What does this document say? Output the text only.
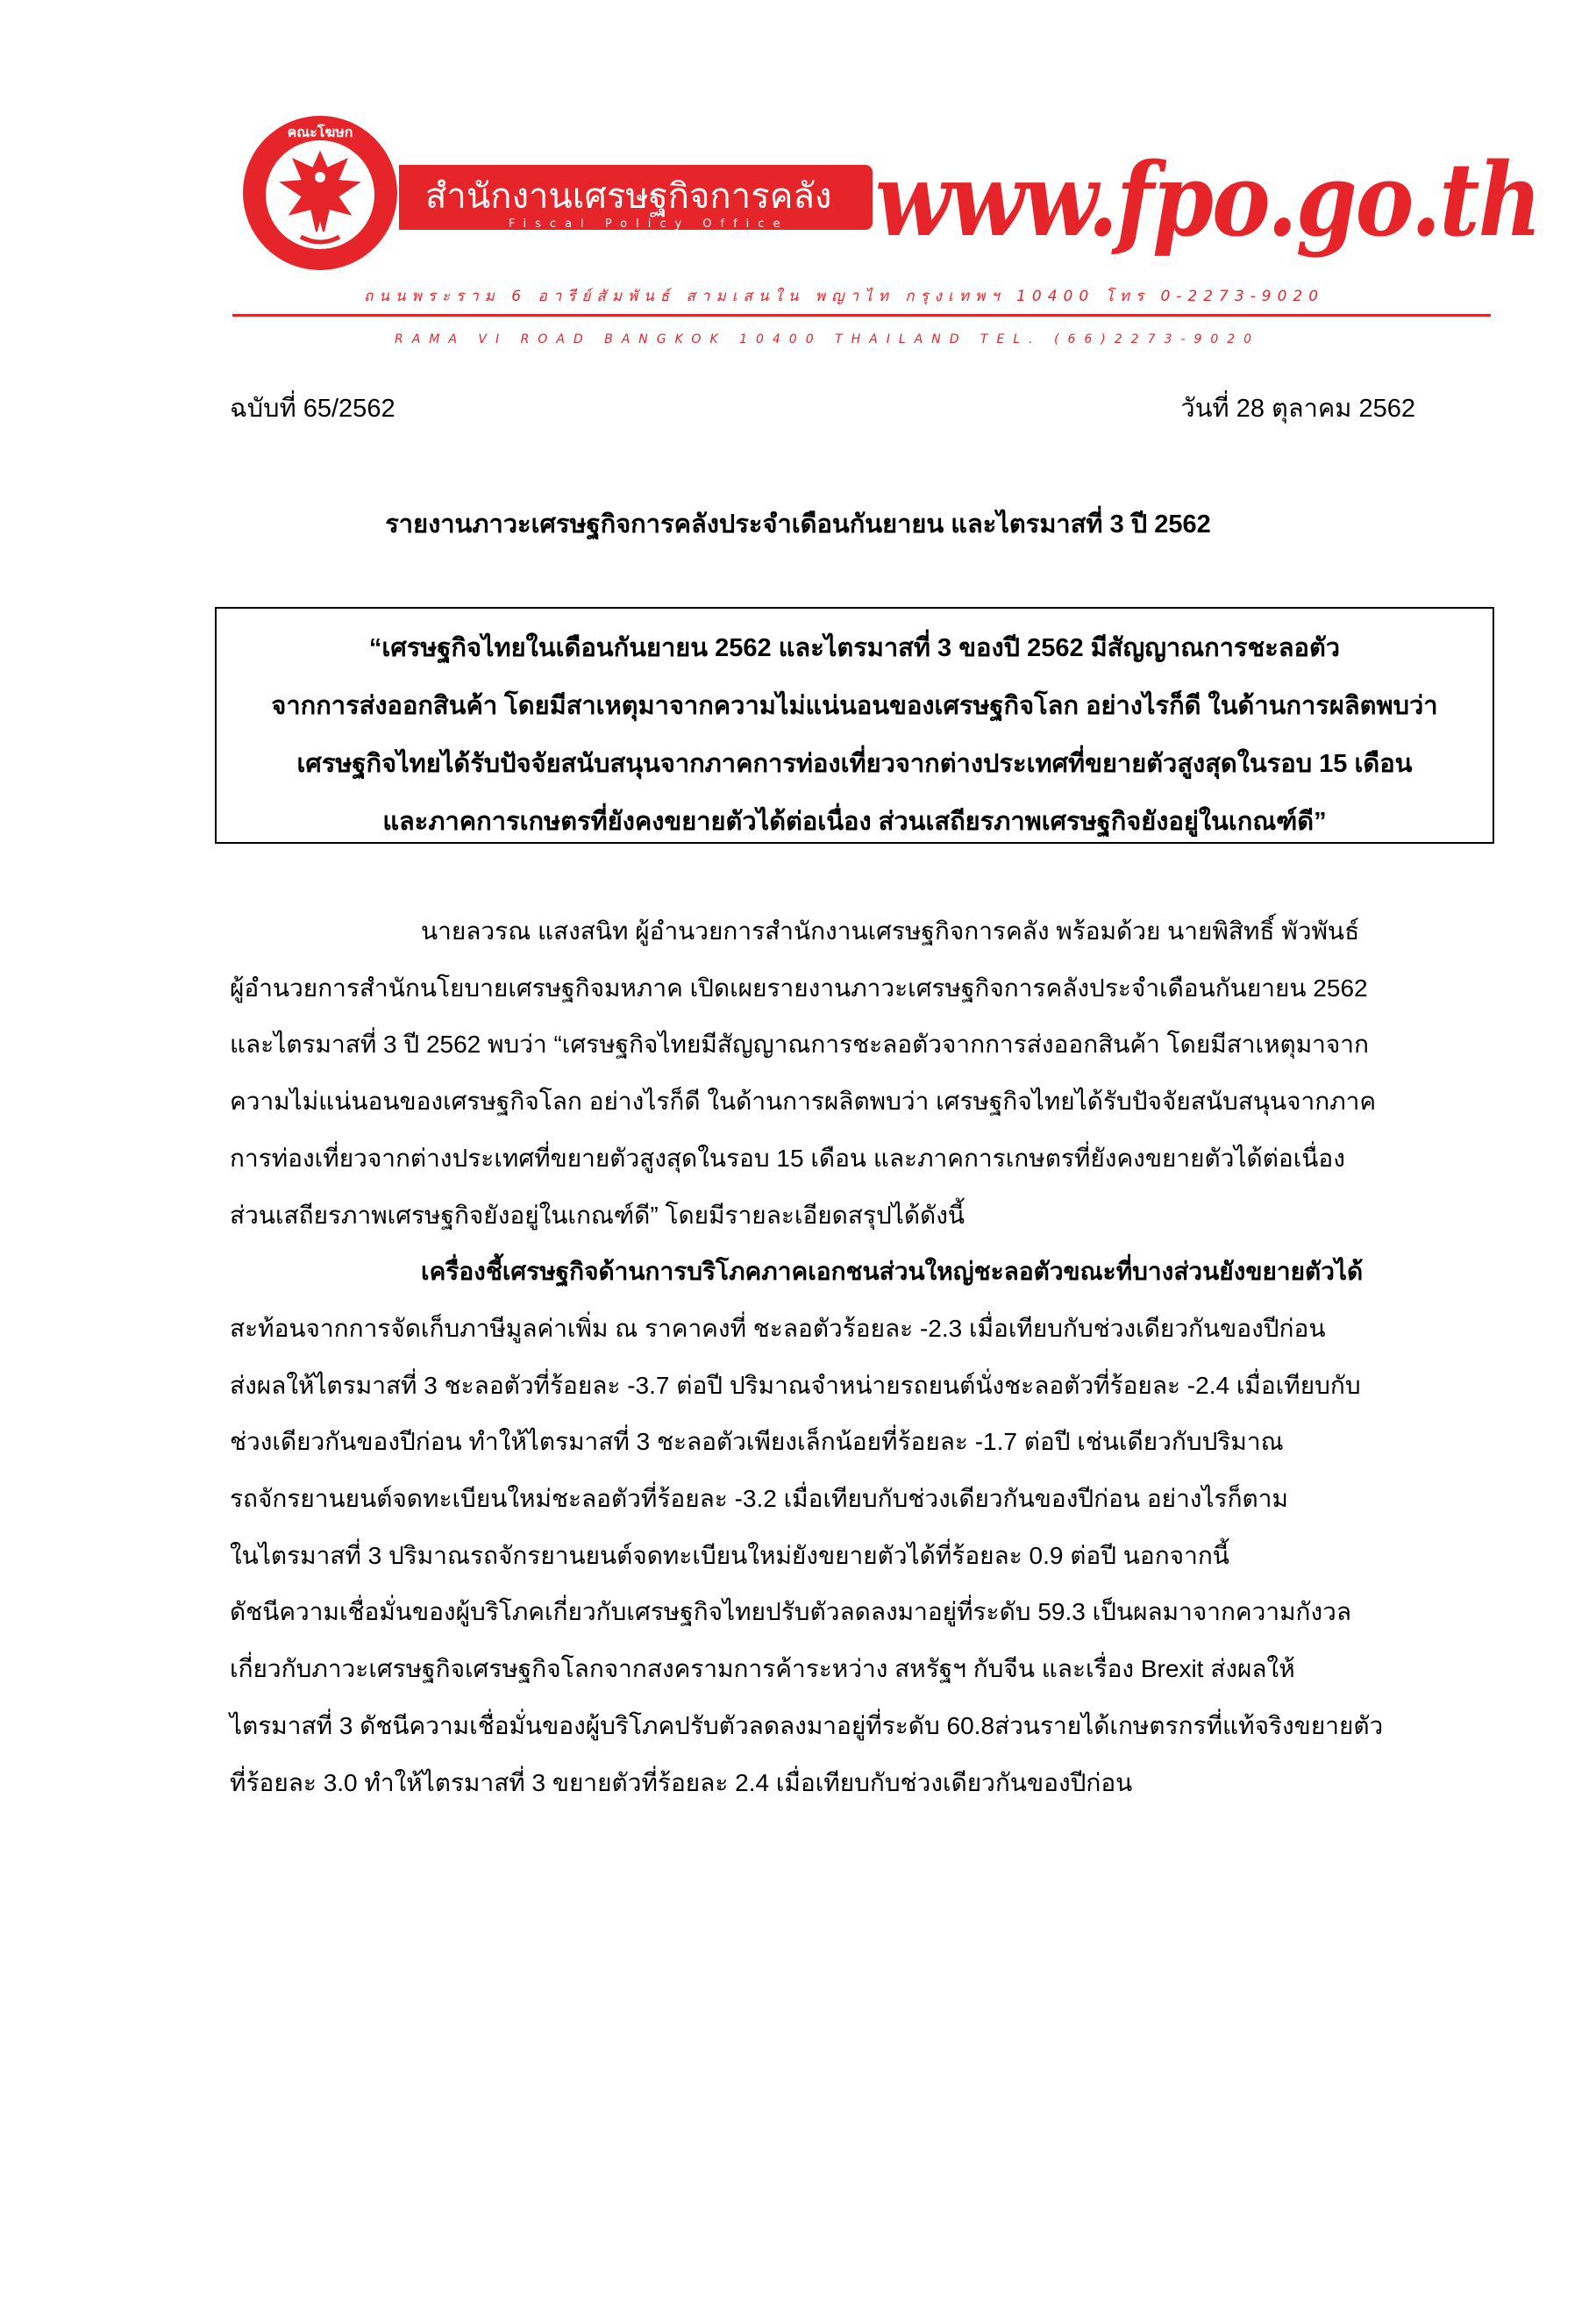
คณะโฆษก
สำนักงานเศรษฐกิจการคลัง
Fiscal Policy Office www.fpo.go.th
ถนนพระราม 6 อารีย์สัมพันธ์ สามเสนใน พญาไท กรุงเทพฯ 10400 โทร 0-2273-9020
RAMA VI ROAD BANGKOK 10400 THAILAND TEL. (66)2273-9020
ฉบับที่ 65/2562	วันที่ 28 ตุลาคม 2562
รายงานภาวะเศรษฐกิจการคลังประจำเดือนกันยายน และไตรมาสที่ 3 ปี 2562

“เศรษฐกิจไทยในเดือนกันยายน 2562 และไตรมาสที่ 3 ของปี 2562 มีสัญญาณการชะลอตัว

จากการส่งออกสินค้า โดยมีสาเหตุมาจากความไม่แน่นอนของเศรษฐกิจโลก อย่างไรก็ดี ในด้านการผลิตพบว่า

เศรษฐกิจไทยได้รับปัจจัยสนับสนุนจากภาคการท่องเที่ยวจากต่างประเทศที่ขยายตัวสูงสุดในรอบ 15 เดือน

และภาคการเกษตรที่ยังคงขยายตัวได้ต่อเนื่อง ส่วนเสถียรภาพเศรษฐกิจยังอยู่ในเกณฑ์ดี”

นายลวรณ แสงสนิท ผู้อำนวยการสำนักงานเศรษฐกิจการคลัง พร้อมด้วย นายพิสิทธิ์ พัวพันธ์

ผู้อำนวยการสำนักนโยบายเศรษฐกิจมหภาค เปิดเผยรายงานภาวะเศรษฐกิจการคลังประจำเดือนกันยายน 2562

และไตรมาสที่ 3 ปี 2562 พบว่า “เศรษฐกิจไทยมีสัญญาณการชะลอตัวจากการส่งออกสินค้า โดยมีสาเหตุมาจาก

ความไม่แน่นอนของเศรษฐกิจโลก อย่างไรก็ดี ในด้านการผลิตพบว่า เศรษฐกิจไทยได้รับปัจจัยสนับสนุนจากภาค

การท่องเที่ยวจากต่างประเทศที่ขยายตัวสูงสุดในรอบ 15 เดือน และภาคการเกษตรที่ยังคงขยายตัวได้ต่อเนื่อง

ส่วนเสถียรภาพเศรษฐกิจยังอยู่ในเกณฑ์ดี” โดยมีรายละเอียดสรุปได้ดังนี้

เครื่องชี้เศรษฐกิจด้านการบริโภคภาคเอกชนส่วนใหญ่ชะลอตัวขณะที่บางส่วนยังขยายตัวได้

สะท้อนจากการจัดเก็บภาษีมูลค่าเพิ่ม ณ ราคาคงที่ ชะลอตัวร้อยละ -2.3 เมื่อเทียบกับช่วงเดียวกันของปีก่อน

ส่งผลให้ไตรมาสที่ 3 ชะลอตัวที่ร้อยละ -3.7 ต่อปี ปริมาณจำหน่ายรถยนต์นั่งชะลอตัวที่ร้อยละ -2.4 เมื่อเทียบกับ

ช่วงเดียวกันของปีก่อน ทำให้ไตรมาสที่ 3 ชะลอตัวเพียงเล็กน้อยที่ร้อยละ -1.7 ต่อปี เช่นเดียวกับปริมาณ

รถจักรยานยนต์จดทะเบียนใหม่ชะลอตัวที่ร้อยละ -3.2 เมื่อเทียบกับช่วงเดียวกันของปีก่อน อย่างไรก็ตาม

ในไตรมาสที่ 3 ปริมาณรถจักรยานยนต์จดทะเบียนใหม่ยังขยายตัวได้ที่ร้อยละ 0.9 ต่อปี นอกจากนี้

ดัชนีความเชื่อมั่นของผู้บริโภคเกี่ยวกับเศรษฐกิจไทยปรับตัวลดลงมาอยู่ที่ระดับ 59.3 เป็นผลมาจากความกังวล

เกี่ยวกับภาวะเศรษฐกิจเศรษฐกิจโลกจากสงครามการค้าระหว่าง สหรัฐฯ กับจีน และเรื่อง Brexit ส่งผลให้

ไตรมาสที่ 3 ดัชนีความเชื่อมั่นของผู้บริโภคปรับตัวลดลงมาอยู่ที่ระดับ 60.8ส่วนรายได้เกษตรกรที่แท้จริงขยายตัว

ที่ร้อยละ 3.0 ทำให้ไตรมาสที่ 3 ขยายตัวที่ร้อยละ 2.4 เมื่อเทียบกับช่วงเดียวกันของปีก่อน
